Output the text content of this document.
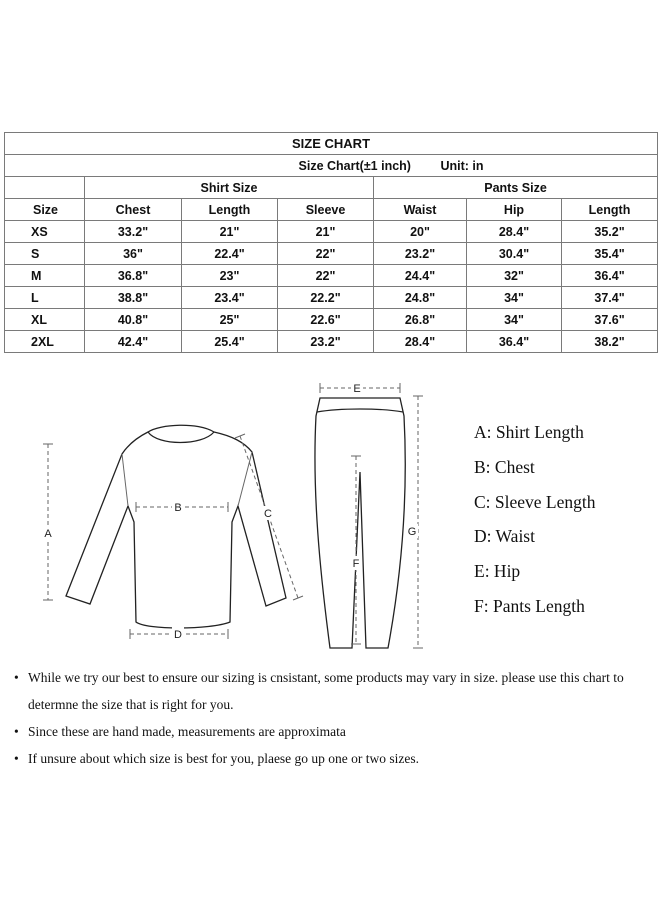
SIZE CHART						
Size Chart(±1 inch) Unit: in						
	Shirt Size			Pants Size		
Size	Chest	Length	Sleeve	Waist	Hip	Length
XS	33.2"	21"	21"	20"	28.4"	35.2"
S	36"	22.4"	22"	23.2"	30.4"	35.4"
M	36.8"	23"	22"	24.4"	32"	36.4"
L	38.8"	23.4"	22.2"	24.8"	34"	37.4"
XL	40.8"	25"	22.6"	26.8"	34"	37.6"
2XL	42.4"	25.4"	23.2"	28.4"	36.4"	38.2"
A
B	C
D
E
F
G
A: Shirt Length
B: Chest
C: Sleeve Length
D: Waist
E: Hip
F: Pants Length
• While we try our best to ensure our sizing is cnsistant, some products may vary in size. please use this chart to determne the size that is right for you.
• Since these are hand made, measurements are approximata
• If unsure about which size is best for you, plaese go up one or two sizes.
